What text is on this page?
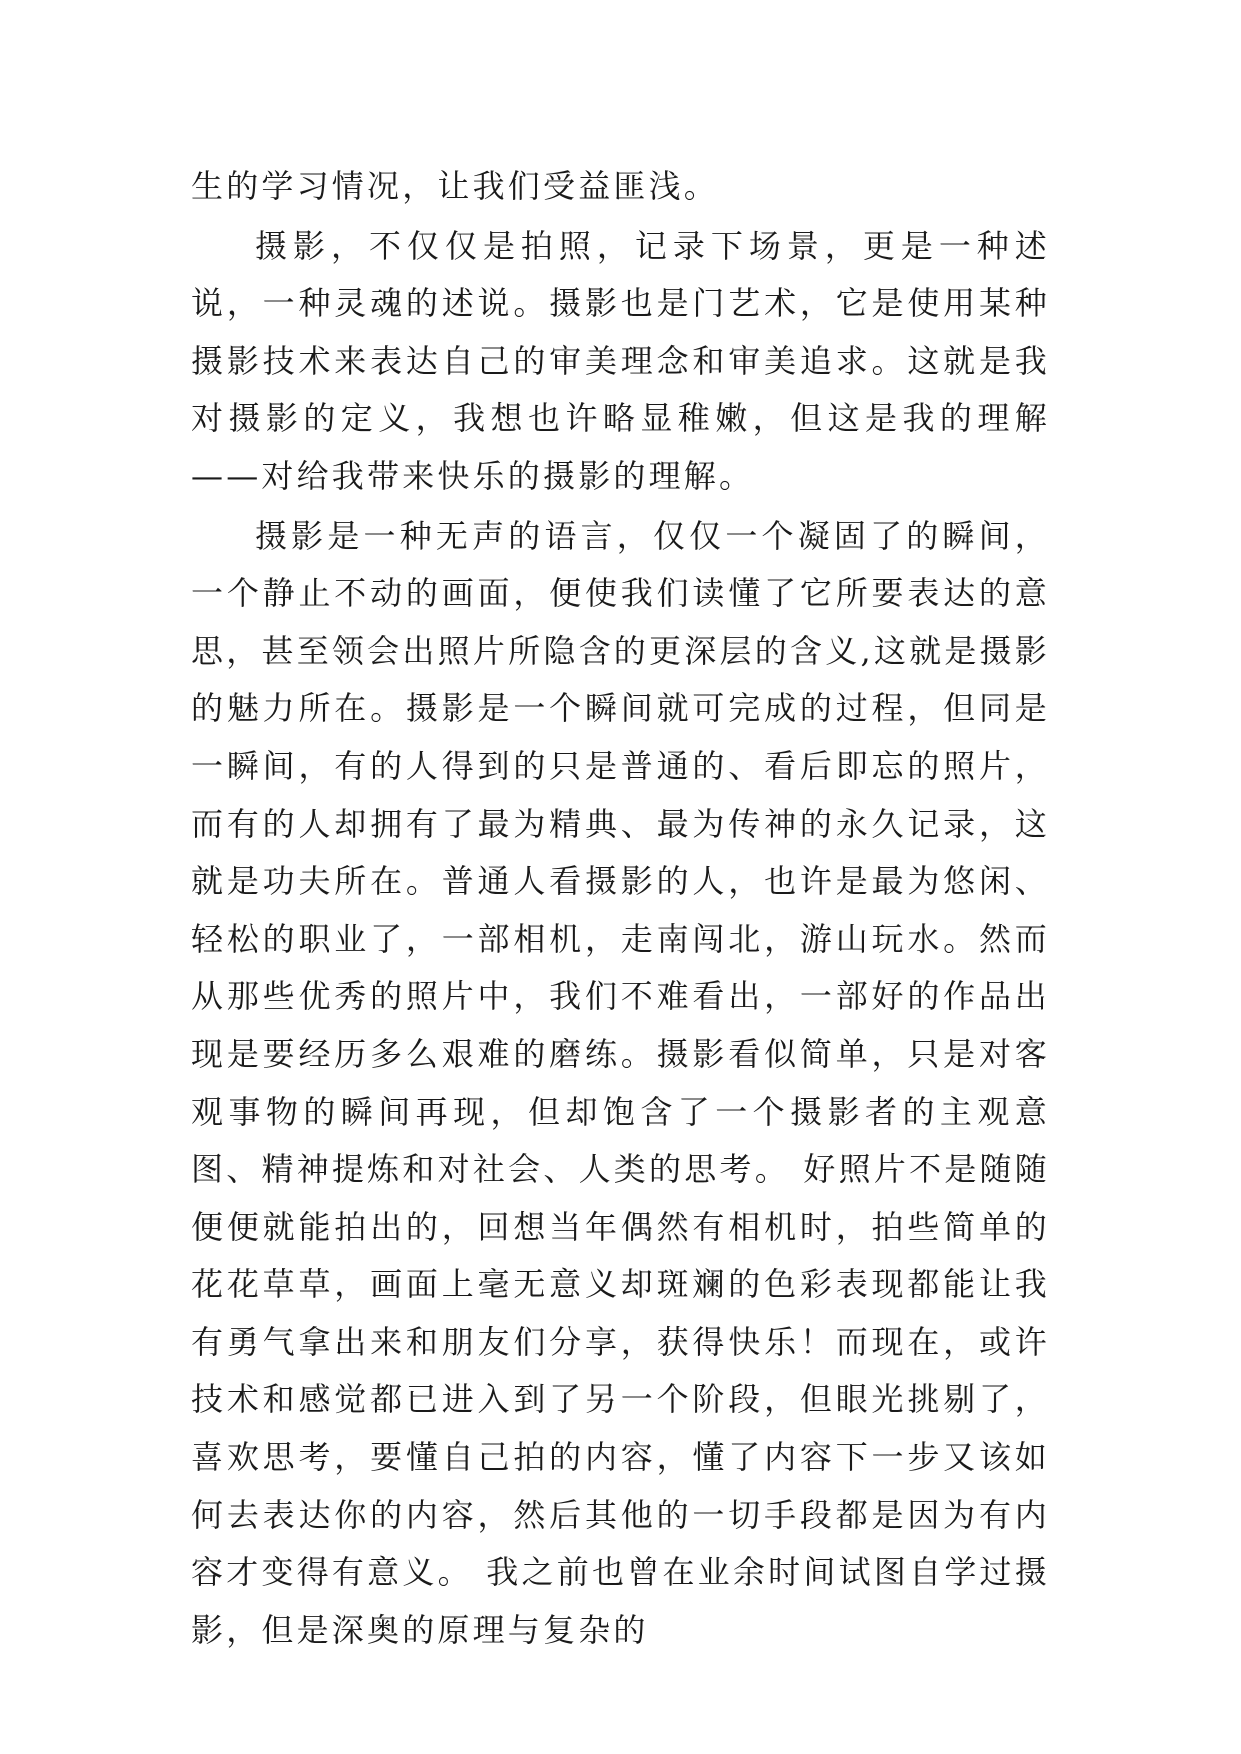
生的学习情况，让我们受益匪浅。

摄影，不仅仅是拍照，记录下场景，更是一种述说，一种灵魂的述说。摄影也是门艺术，它是使用某种摄影技术来表达自己的审美理念和审美追求。这就是我对摄影的定义，我想也许略显稚嫩，但这是我的理解——对给我带来快乐的摄影的理解。

摄影是一种无声的语言，仅仅一个凝固了的瞬间，一个静止不动的画面，便使我们读懂了它所要表达的意思，甚至领会出照片所隐含的更深层的含义,这就是摄影的魅力所在。摄影是一个瞬间就可完成的过程，但同是一瞬间，有的人得到的只是普通的、看后即忘的照片，而有的人却拥有了最为精典、最为传神的永久记录，这就是功夫所在。普通人看摄影的人，也许是最为悠闲、轻松的职业了，一部相机，走南闯北，游山玩水。然而从那些优秀的照片中，我们不难看出，一部好的作品出现是要经历多么艰难的磨练。摄影看似简单，只是对客观事物的瞬间再现，但却饱含了一个摄影者的主观意图、精神提炼和对社会、人类的思考。 好照片不是随随便便就能拍出的，回想当年偶然有相机时，拍些简单的花花草草，画面上毫无意义却斑斓的色彩表现都能让我有勇气拿出来和朋友们分享，获得快乐！而现在，或许技术和感觉都已进入到了另一个阶段，但眼光挑剔了，喜欢思考，要懂自己拍的内容，懂了内容下一步又该如何去表达你的内容，然后其他的一切手段都是因为有内容才变得有意义。 我之前也曾在业余时间试图自学过摄影，但是深奥的原理与复杂的
